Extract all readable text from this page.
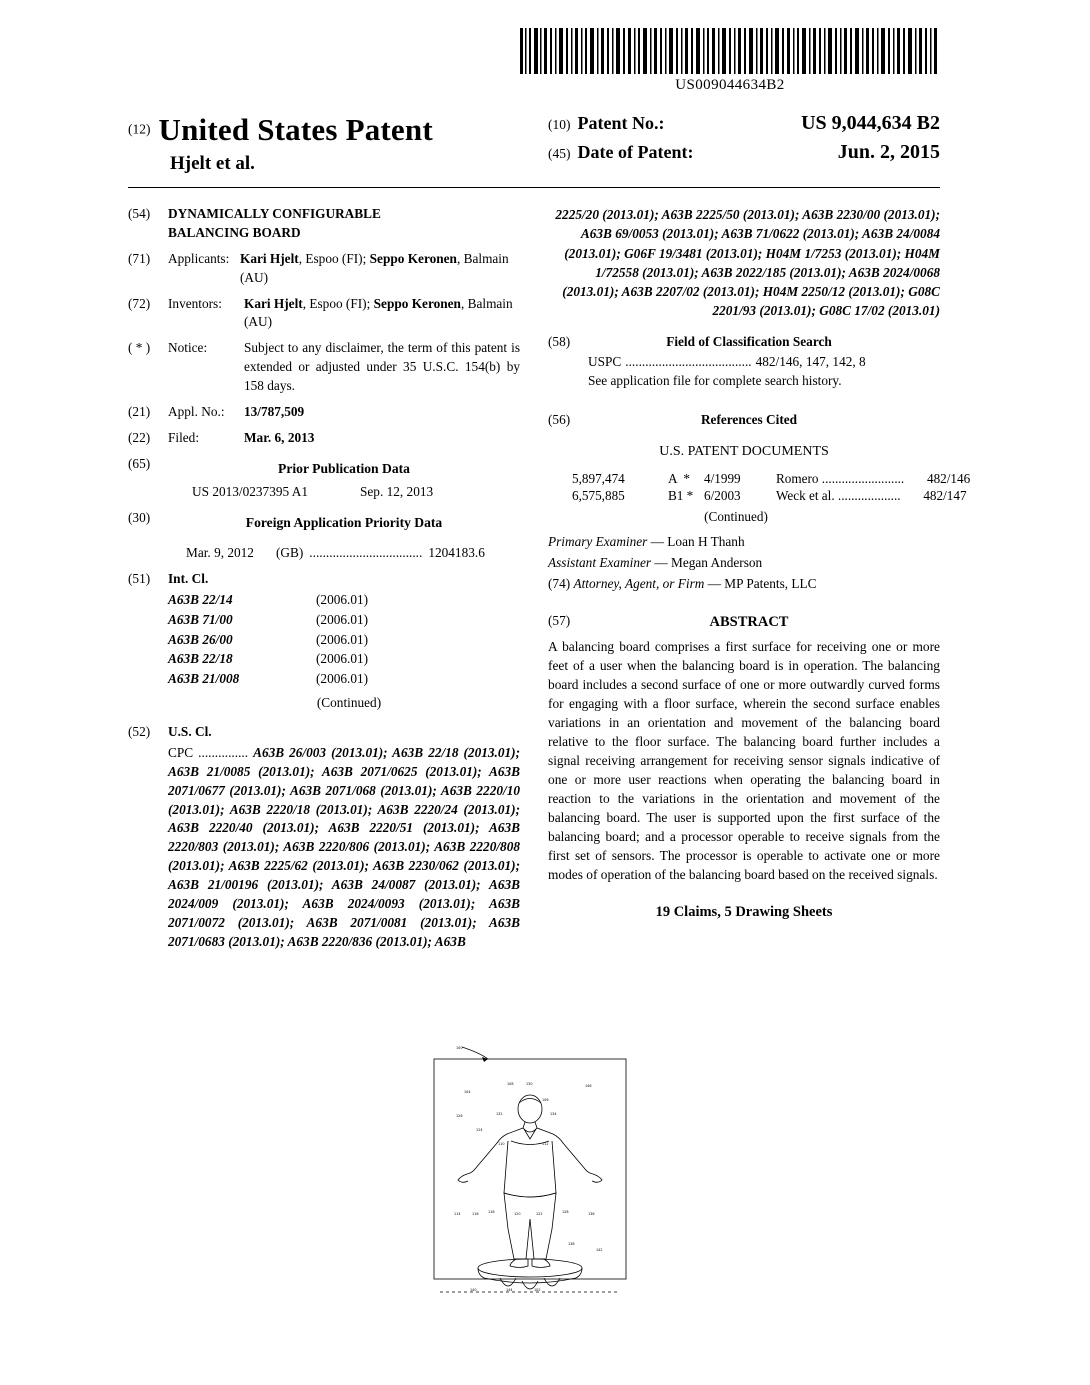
US009044634B2
$^{(12)}$ United States Patent
Hjelt et al.
(10) Patent No.:	US 9,044,634 B2
(45) Date of Patent:	Jun. 2, 2015
(54)	DYNAMICALLY CONFIGURABLE
BALANCING BOARD
(71)	Applicants: Kari Hjelt, Espoo (FI); Seppo Keronen, Balmain (AU)
(72)	Inventors:	Kari Hjelt, Espoo (FI); Seppo Keronen, Balmain (AU)
( * )	Notice:	Subject to any disclaimer, the term of this patent is extended or adjusted under 35 U.S.C. 154(b) by 158 days.
(21)	Appl. No.:	13/787,509
(22)	Filed:	Mar. 6, 2013
(65)	Prior Publication Data
US 2013/0237395 A1	Sep. 12, 2013
(30)	Foreign Application Priority Data
Mar. 9, 2012 (GB) .................................. 1204183.6
(51)	Int. Cl.
A63B 22/14	(2006.01)
A63B 71/00	(2006.01)
A63B 26/00	(2006.01)
A63B 22/18	(2006.01)
A63B 21/008	(2006.01)
(Continued)
(52)	U.S. Cl.
CPC ............... A63B 26/003 (2013.01); A63B 22/18 (2013.01); A63B 21/0085 (2013.01); A63B 2071/0625 (2013.01); A63B 2071/0677 (2013.01); A63B 2071/068 (2013.01); A63B 2220/10 (2013.01); A63B 2220/18 (2013.01); A63B 2220/24 (2013.01); A63B 2220/40 (2013.01); A63B 2220/51 (2013.01); A63B 2220/803 (2013.01); A63B 2220/806 (2013.01); A63B 2220/808 (2013.01); A63B 2225/62 (2013.01); A63B 2230/062 (2013.01); A63B 21/00196 (2013.01); A63B 24/0087 (2013.01); A63B 2024/009 (2013.01); A63B 2024/0093 (2013.01); A63B 2071/0072 (2013.01); A63B 2071/0081 (2013.01); A63B 2071/0683 (2013.01); A63B 2220/836 (2013.01); A63B
2225/20 (2013.01); A63B 2225/50 (2013.01); A63B 2230/00 (2013.01); A63B 69/0053 (2013.01); A63B 71/0622 (2013.01); A63B 24/0084 (2013.01); G06F 19/3481 (2013.01); H04M 1/7253 (2013.01); H04M 1/72558 (2013.01); A63B 2022/185 (2013.01); A63B 2024/0068 (2013.01); A63B 2207/02 (2013.01); H04M 2250/12 (2013.01); G08C 2201/93 (2013.01); G08C 17/02 (2013.01)
(58)	Field of Classification Search
USPC ...................................... 482/146, 147, 142, 8
See application file for complete search history.
(56)	References Cited
U.S. PATENT DOCUMENTS
5,897,474	A  *	4/1999	Romero .........................	482/146
6,575,885	B1 * 6/2003	Weck et al. ...................	482/147
(Continued)
Primary Examiner — Loan H Thanh
Assistant Examiner — Megan Anderson
(74) Attorney, Agent, or Firm — MP Patents, LLC
(57)	ABSTRACT
A balancing board comprises a first surface for receiving one or more feet of a user when the balancing board is in operation. The balancing board includes a second surface of one or more outwardly curved forms for engaging with a floor surface, wherein the second surface enables variations in an orientation and movement of the balancing board relative to the floor surface. The balancing board further includes a signal receiving arrangement for receiving sensor signals indicative of one or more user reactions when operating the balancing board in reaction to the variations in the orientation and movement of the balancing board. The user is supported upon the first surface of the balancing board; and a processor operable to receive signals from the first set of sensors. The processor is operable to activate one or more modes of operation of the balancing board based on the received signals.
19 Claims, 5 Drawing Sheets
100
108	130	146
104
106
126	132	134
124
110	112
114	116	118	120	122	128	136
138
142
140	144	102
